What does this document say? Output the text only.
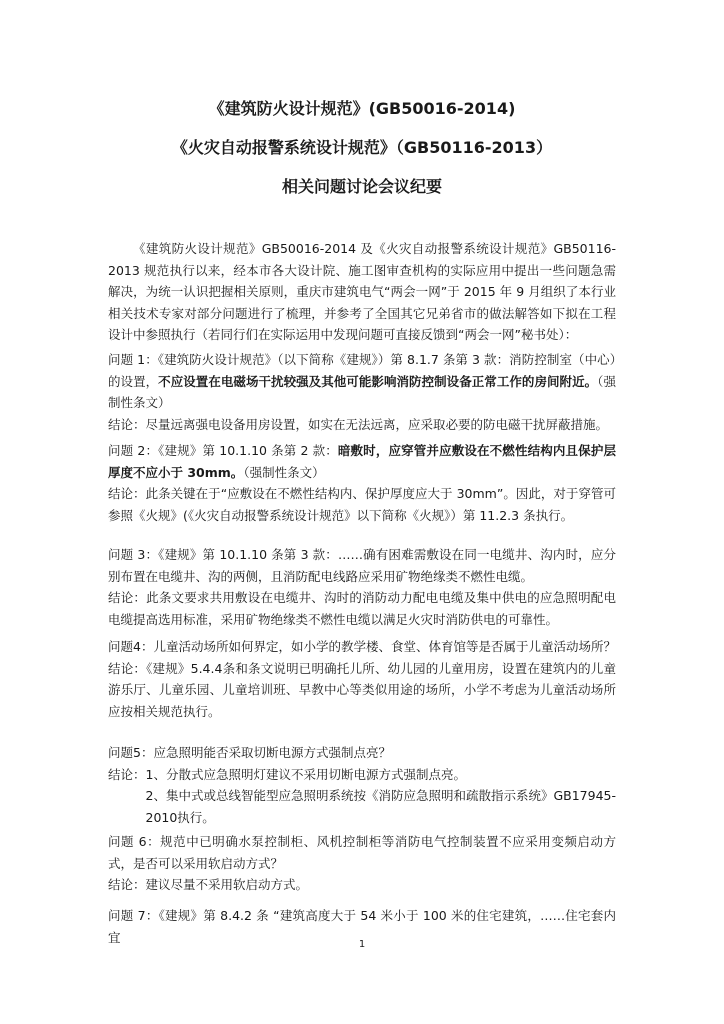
《建筑防火设计规范》(GB50016-2014)
《火灾自动报警系统设计规范》（GB50116-2013）
相关问题讨论会议纪要
《建筑防火设计规范》GB50016-2014 及《火灾自动报警系统设计规范》GB50116-2013 规范执行以来，经本市各大设计院、施工图审查机构的实际应用中提出一些问题急需解决，为统一认识把握相关原则，重庆市建筑电气“两会一网”于 2015 年 9 月组织了本行业相关技术专家对部分问题进行了梳理，并参考了全国其它兄弟省市的做法解答如下拟在工程设计中参照执行（若同行们在实际运用中发现问题可直接反馈到“两会一网”秘书处）：

问题 1：《建筑防火设计规范》（以下简称《建规》）第 8.1.7 条第 3 款：消防控制室（中心）的设置，不应设置在电磁场干扰较强及其他可能影响消防控制设备正常工作的房间附近。（强制性条文）

结论：尽量远离强电设备用房设置，如实在无法远离，应采取必要的防电磁干扰屏蔽措施。

问题 2：《建规》第 10.1.10 条第 2 款：暗敷时，应穿管并应敷设在不燃性结构内且保护层厚度不应小于 30mm。（强制性条文）

结论：此条关键在于“应敷设在不燃性结构内、保护厚度应大于 30mm”。因此，对于穿管可参照《火规》(《火灾自动报警系统设计规范》以下简称《火规》）第 11.2.3 条执行。

问题 3：《建规》第 10.1.10 条第 3 款：……确有困难需敷设在同一电缆井、沟内时，应分别布置在电缆井、沟的两侧，且消防配电线路应采用矿物绝缘类不燃性电缆。

结论：此条文要求共用敷设在电缆井、沟时的消防动力配电电缆及集中供电的应急照明配电电缆提高选用标准，采用矿物绝缘类不燃性电缆以满足火灾时消防供电的可靠性。

问题4：儿童活动场所如何界定，如小学的教学楼、食堂、体育馆等是否属于儿童活动场所？

结论：《建规》5.4.4条和条文说明已明确托儿所、幼儿园的儿童用房，设置在建筑内的儿童游乐厅、儿童乐园、儿童培训班、早教中心等类似用途的场所，小学不考虑为儿童活动场所应按相关规范执行。

问题5：应急照明能否采取切断电源方式强制点亮？

结论：1、分散式应急照明灯建议不采用切断电源方式强制点亮。

2、集中式或总线智能型应急照明系统按《消防应急照明和疏散指示系统》GB17945-2010执行。

问题 6：规范中已明确水泵控制柜、风机控制柜等消防电气控制装置不应采用变频启动方式，是否可以采用软启动方式？

结论：建议尽量不采用软启动方式。

问题 7：《建规》第 8.4.2 条 “建筑高度大于 54 米小于 100 米的住宅建筑，……住宅套内宜	1
